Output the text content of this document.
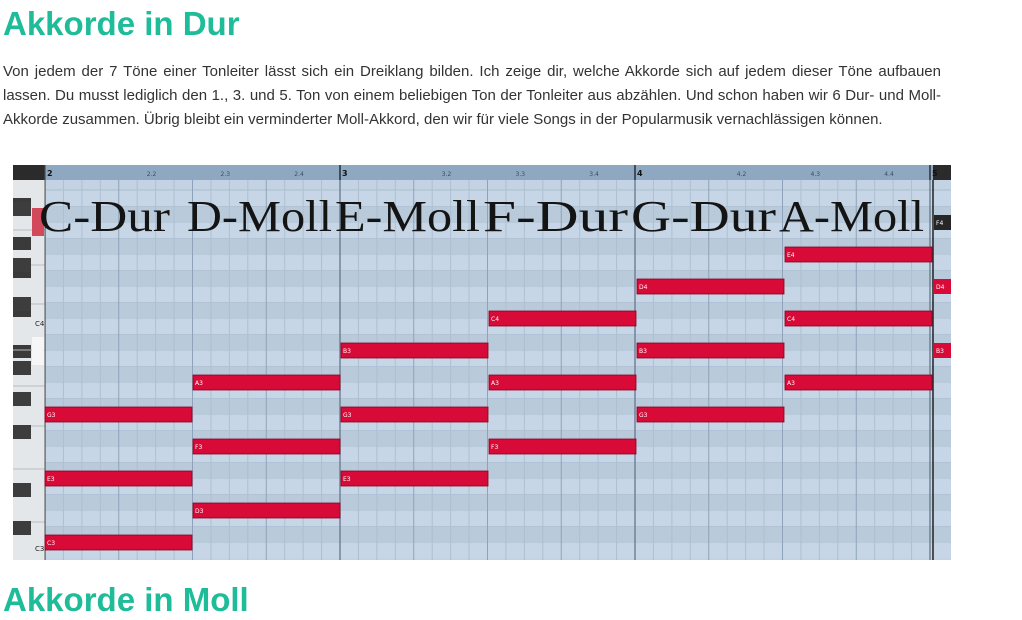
Akkorde in Dur

Von jedem der 7 Töne einer Tonleiter lässt sich ein Dreiklang bilden. Ich zeige dir, welche Akkorde sich auf jedem dieser Töne aufbauen lassen. Du musst lediglich den 1., 3. und 5. Ton von einem beliebigen Ton der Tonleiter aus abzählen. Und schon haben wir 6 Dur- und Moll-Akkorde zusammen. Übrig bleibt ein verminderter Moll-Akkord, den wir für viele Songs in der Popularmusik vernachlässigen können.

2	2.2	2.3	2.4	3	3.2	3.3	3.4	4	4.2	4.3	4.4	5
C4
C3
C3
E3
G3
D3
F3
A3
E3
G3
B3
F3
A3
C4
G3
B3
D4
A3
C4
E4
F4
D4
B3
C-Dur D-Moll E-Moll F-Dur G-Dur A-Moll
Akkorde in Moll
